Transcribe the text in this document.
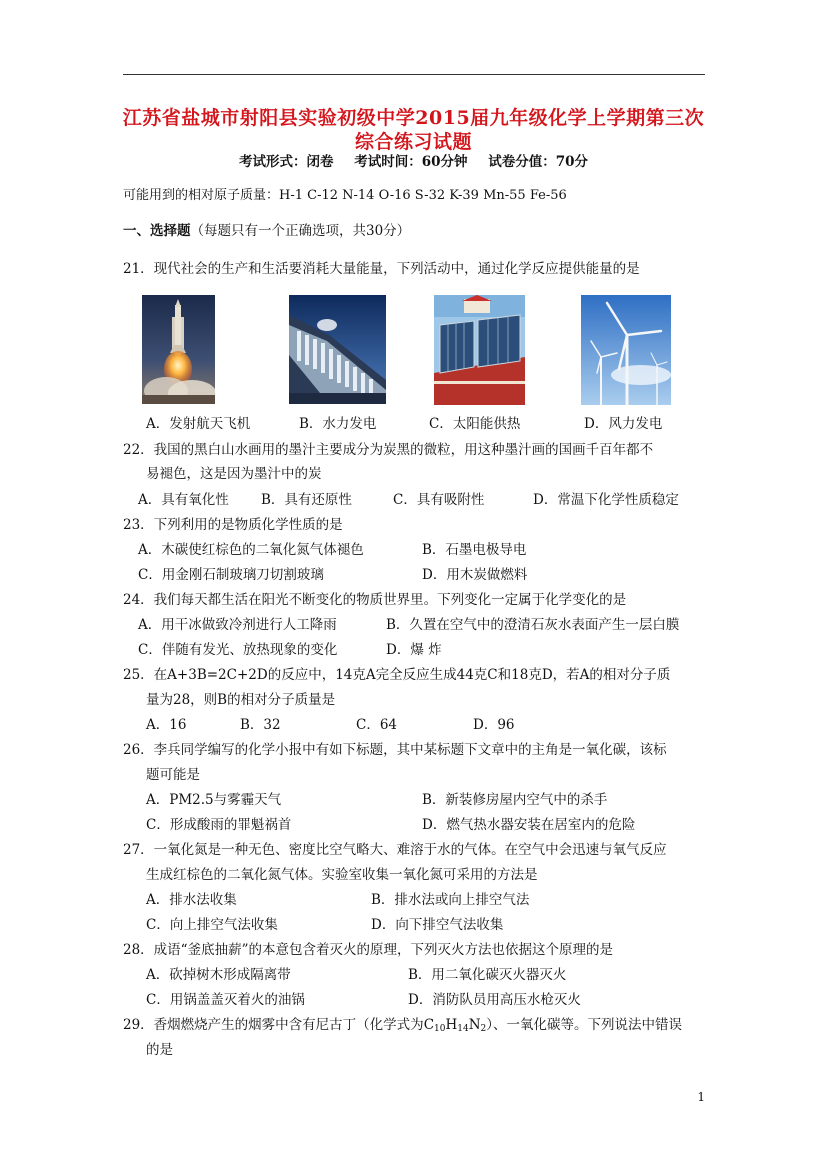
江苏省盐城市射阳县实验初级中学2015届九年级化学上学期第三次
综合练习试题
考试形式：闭卷 考试时间：60分钟 试卷分值：70分
可能用到的相对原子质量：H-1 C-12 N-14 O-16 S-32 K-39 Mn-55 Fe-56
一、选择题（每题只有一个正确选项，共30分）
21．现代社会的生产和生活要消耗大量能量，下列活动中，通过化学反应提供能量的是
A．发射航天飞机	B．水力发电	C．太阳能供热	D．风力发电
22．我国的黑白山水画用的墨汁主要成分为炭黑的微粒，用这种墨汁画的国画千百年都不
易褪色，这是因为墨汁中的炭
A．具有氧化性 B．具有还原性	C．具有吸附性	D．常温下化学性质稳定
23．下列利用的是物质化学性质的是
A．木碳使红棕色的二氧化氮气体褪色	B．石墨电极导电
C．用金刚石制玻璃刀切割玻璃	D．用木炭做燃料
24．我们每天都生活在阳光不断变化的物质世界里。下列变化一定属于化学变化的是
A．用干冰做致冷剂进行人工降雨	B．久置在空气中的澄清石灰水表面产生一层白膜
C．伴随有发光、放热现象的变化	D．爆 炸
25．在A+3B=2C+2D的反应中，14克A完全反应生成44克C和18克D，若A的相对分子质
量为28，则B的相对分子质量是
A．16	B．32	C．64	D．96
26．李兵同学编写的化学小报中有如下标题，其中某标题下文章中的主角是一氧化碳，该标
题可能是
A．PM2.5与雾霾天气	B．新装修房屋内空气中的杀手
C．形成酸雨的罪魁祸首	D．燃气热水器安装在居室内的危险
27．一氧化氮是一种无色、密度比空气略大、难溶于水的气体。在空气中会迅速与氧气反应
生成红棕色的二氧化氮气体。实验室收集一氧化氮可采用的方法是
A．排水法收集	B．排水法或向上排空气法
C．向上排空气法收集	D．向下排空气法收集
28．成语“釜底抽薪”的本意包含着灭火的原理，下列灭火方法也依据这个原理的是
A．砍掉树木形成隔离带	B．用二氧化碳灭火器灭火
C．用锅盖盖灭着火的油锅	D．消防队员用高压水枪灭火
29．香烟燃烧产生的烟雾中含有尼古丁（化学式为$C_{10}H_{14}N_2$）、一氧化碳等。下列说法中错误
的是
1
